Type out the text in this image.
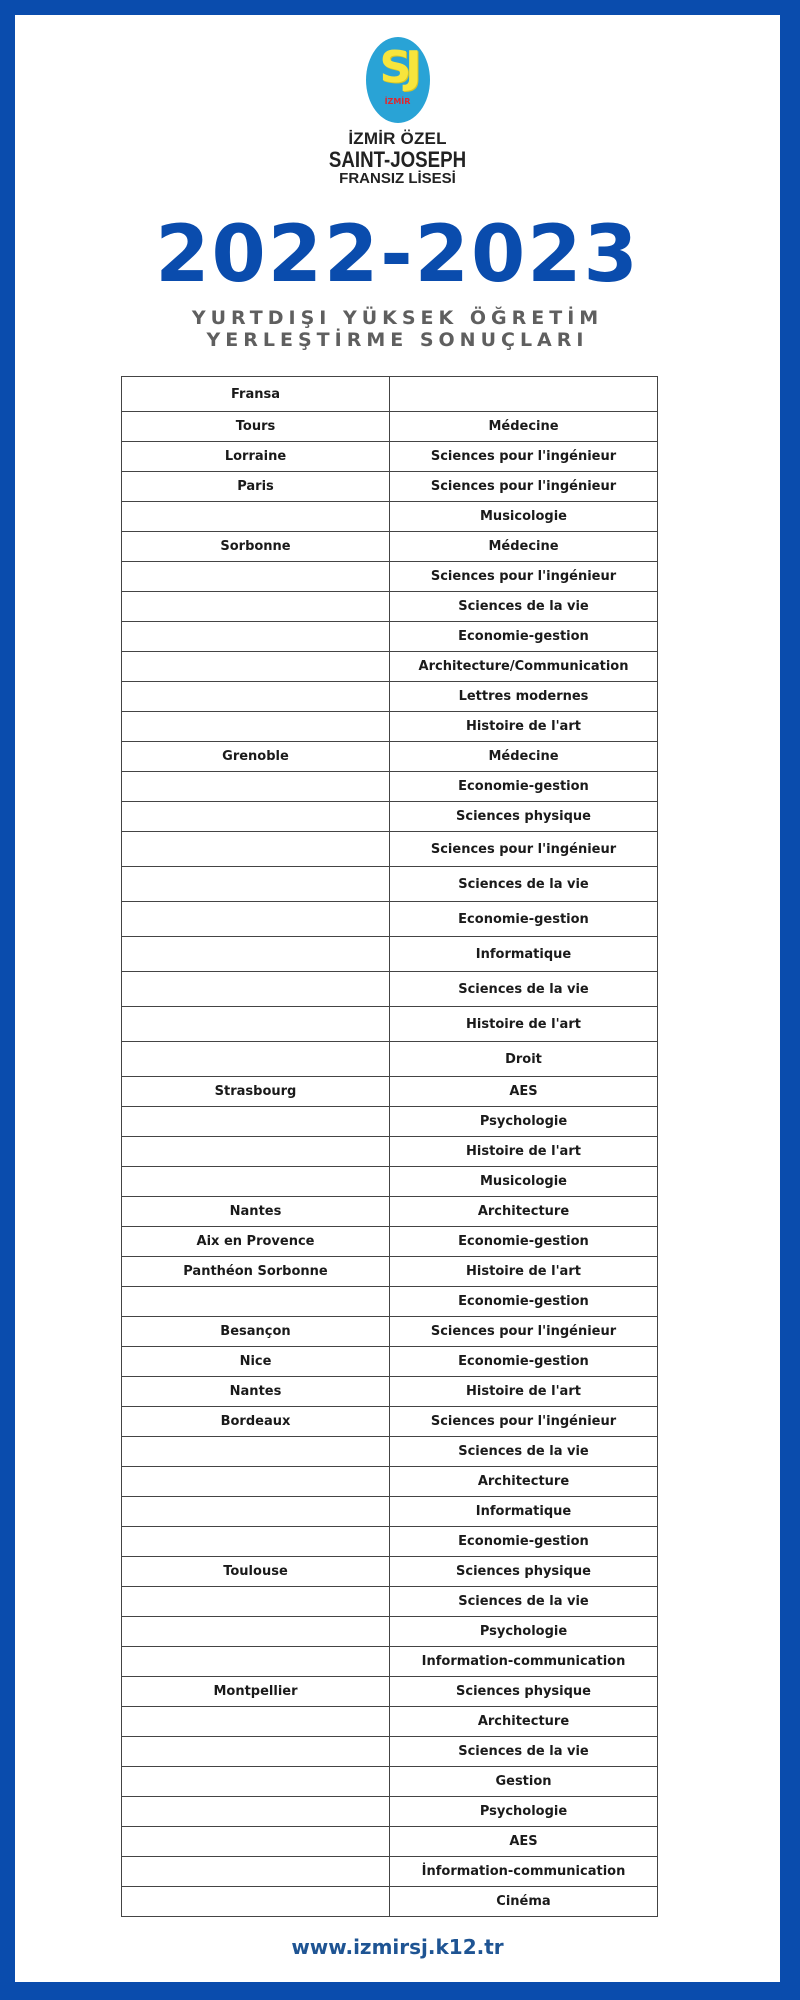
SJ
İZMİR
İZMİR ÖZEL
SAINT-JOSEPH
FRANSIZ LİSESİ
2022-2023
YURTDIŞI YÜKSEK ÖĞRETİM YERLEŞTİRME SONUÇLARI
Fransa	
Tours	Médecine
Lorraine	Sciences pour l'ingénieur
Paris	Sciences pour l'ingénieur
	Musicologie
Sorbonne	Médecine
	Sciences pour l'ingénieur
	Sciences de la vie
	Economie-gestion
	Architecture/Communication
	Lettres modernes
	Histoire de l'art
Grenoble	Médecine
	Economie-gestion
	Sciences physique
	Sciences pour l'ingénieur
	Sciences de la vie
	Economie-gestion
	Informatique
	Sciences de la vie
	Histoire de l'art
	Droit
Strasbourg	AES
	Psychologie
	Histoire de l'art
	Musicologie
Nantes	Architecture
Aix en Provence	Economie-gestion
Panthéon Sorbonne	Histoire de l'art
	Economie-gestion
Besançon	Sciences pour l'ingénieur
Nice	Economie-gestion
Nantes	Histoire de l'art
Bordeaux	Sciences pour l'ingénieur
	Sciences de la vie
	Architecture
	Informatique
	Economie-gestion
Toulouse	Sciences physique
	Sciences de la vie
	Psychologie
	Information-communication
Montpellier	Sciences physique
	Architecture
	Sciences de la vie
	Gestion
	Psychologie
	AES
	İnformation-communication
	Cinéma
www.izmirsj.k12.tr
